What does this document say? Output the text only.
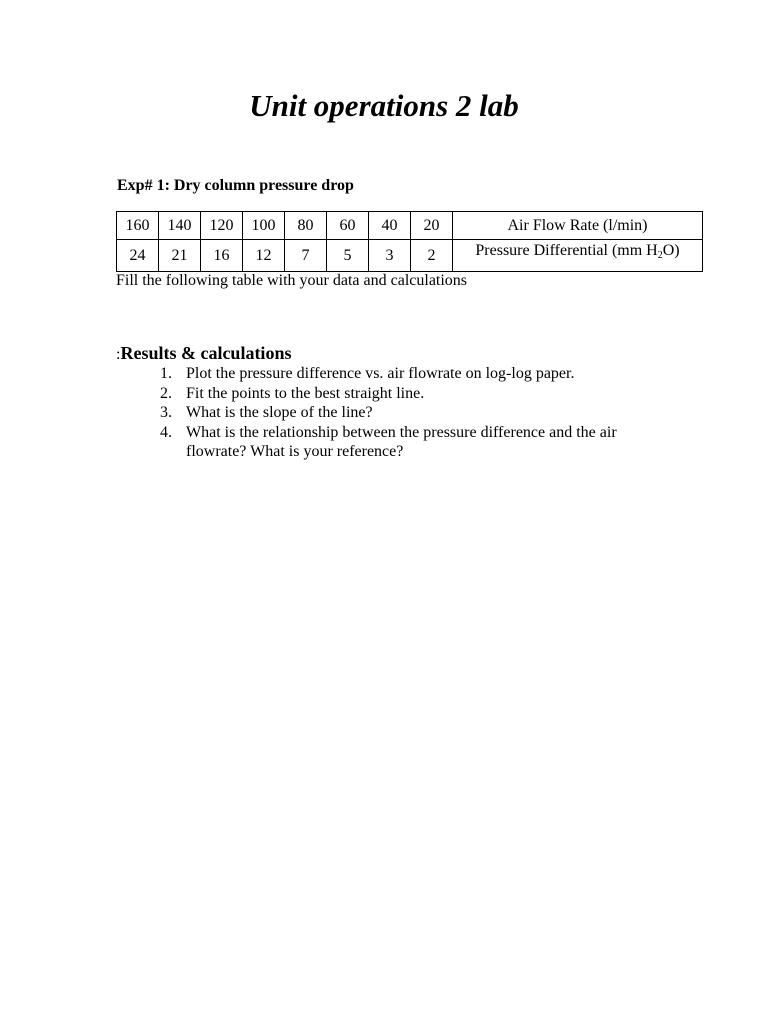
Unit operations 2 lab

Exp# 1: Dry column pressure drop

160	140	120	100	80	60	40	20	Air Flow Rate (l/min)
24	21	16	12	7	5	3	2	Pressure Differential (mm $H_2O$)

Fill the following table with your data and calculations

:Results & calculations

1. Plot the pressure difference vs. air flowrate on log-log paper.
2. Fit the points to the best straight line.
3. What is the slope of the line?
4. What is the relationship between the pressure difference and the air flowrate? What is your reference?
